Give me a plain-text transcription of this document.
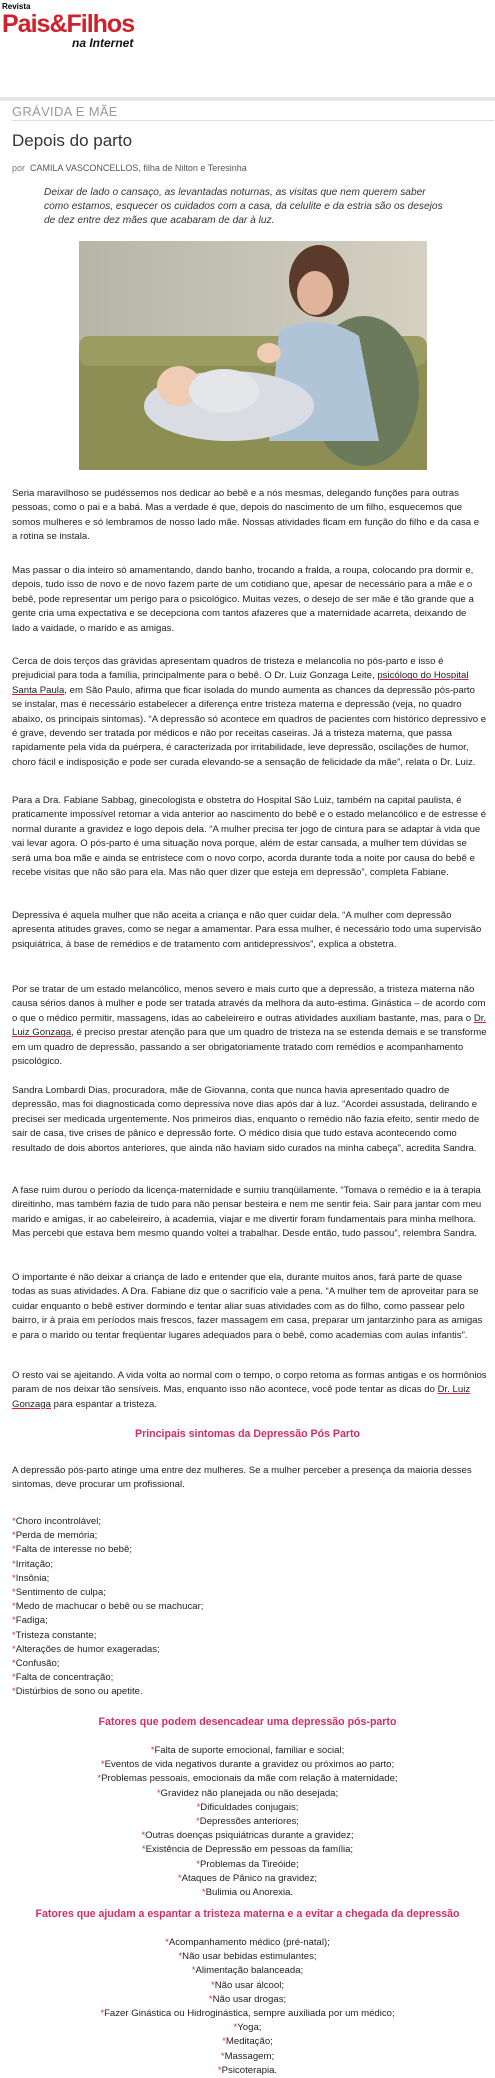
Revista
Pais&Filhos
na Internet
GRÁVIDA E MÃE
Depois do parto
por CAMILA VASCONCELLOS, filha de Nilton e Teresinha
Deixar de lado o cansaço, as levantadas noturnas, as visitas que nem querem saber como estamos, esquecer os cuidados com a casa, da celulite e da estria são os desejos de dez entre dez mães que acabaram de dar à luz.
Seria maravilhoso se pudéssemos nos dedicar ao bebê e a nós mesmas, delegando funções para outras pessoas, como o pai e a babá. Mas a verdade é que, depois do nascimento de um filho, esquecemos que somos mulheres e só lembramos de nosso lado mãe. Nossas atividades ficam em função do filho e da casa e a rotina se instala.
Mas passar o dia inteiro só amamentando, dando banho, trocando a fralda, a roupa, colocando pra dormir e, depois, tudo isso de novo e de novo fazem parte de um cotidiano que, apesar de necessário para a mãe e o bebê, pode representar um perigo para o psicológico. Muitas vezes, o desejo de ser mãe é tão grande que a gente cria uma expectativa e se decepciona com tantos afazeres que a maternidade acarreta, deixando de lado a vaidade, o marido e as amigas.
Cerca de dois terços das grávidas apresentam quadros de tristeza e melancolia no pós-parto e isso é prejudicial para toda a família, principalmente para o bebê. O Dr. Luiz Gonzaga Leite, psicólogo do Hospital Santa Paula, em São Paulo, afirma que ficar isolada do mundo aumenta as chances da depressão pós-parto se instalar, mas é necessário estabelecer a diferença entre tristeza materna e depressão (veja, no quadro abaixo, os principais sintomas). “A depressão só acontece em quadros de pacientes com histórico depressivo e é grave, devendo ser tratada por médicos e não por receitas caseiras. Já a tristeza materna, que passa rapidamente pela vida da puérpera, é caracterizada por irritabilidade, leve depressão, oscilações de humor, choro fácil e indisposição e pode ser curada elevando-se a sensação de felicidade da mãe”, relata o Dr. Luiz.
Para a Dra. Fabiane Sabbag, ginecologista e obstetra do Hospital São Luiz, também na capital paulista, é praticamente impossível retomar a vida anterior ao nascimento do bebê e o estado melancólico e de estresse é normal durante a gravidez e logo depois dela. “A mulher precisa ter jogo de cintura para se adaptar à vida que vai levar agora. O pós-parto é uma situação nova porque, além de estar cansada, a mulher tem dúvidas se será uma boa mãe e ainda se entristece com o novo corpo, acorda durante toda a noite por causa do bebê e recebe visitas que não são para ela. Mas não quer dizer que esteja em depressão”, completa Fabiane.
Depressiva é aquela mulher que não aceita a criança e não quer cuidar dela. “A mulher com depressão apresenta atitudes graves, como se negar a amamentar. Para essa mulher, é necessário todo uma supervisão psiquiátrica, à base de remédios e de tratamento com antidepressivos”, explica a obstetra.
Por se tratar de um estado melancólico, menos severo e mais curto que a depressão, a tristeza materna não causa sérios danos à mulher e pode ser tratada através da melhora da auto-estima. Ginástica – de acordo com o que o médico permitir, massagens, idas ao cabeleireiro e outras atividades auxiliam bastante, mas, para o Dr. Luiz Gonzaga, é preciso prestar atenção para que um quadro de tristeza na se estenda demais e se transforme em um quadro de depressão, passando a ser obrigatoriamente tratado com remédios e acompanhamento psicológico.
Sandra Lombardi Dias, procuradora, mãe de Giovanna, conta que nunca havia apresentado quadro de depressão, mas foi diagnosticada como depressiva nove dias após dar à luz. “Acordei assustada, delirando e precisei ser medicada urgentemente. Nos primeiros dias, enquanto o remédio não fazia efeito, sentir medo de sair de casa, tive crises de pânico e depressão forte. O médico disia que tudo estava acontecendo como resultado de dois abortos anteriores, que ainda não haviam sido curados na minha cabeça”, acredita Sandra.
A fase ruim durou o período da licença-maternidade e sumiu tranqüilamente. “Tomava o remédio e ia à terapia direitinho, mas também fazia de tudo para não pensar besteira e nem me sentir feia. Sair para jantar com meu marido e amigas, ir ao cabeleireiro, à academia, viajar e me divertir foram fundamentais para minha melhora. Mas percebi que estava bem mesmo quando voltei a trabalhar. Desde então, tudo passou”, relembra Sandra.
O importante é não deixar a criança de lado e entender que ela, durante muitos anos, fará parte de quase todas as suas atividades. A Dra. Fabiane diz que o sacrifício vale a pena. “A mulher tem de aproveitar para se cuidar enquanto o bebê estiver dormindo e tentar aliar suas atividades com as do filho, como passear pelo bairro, ir à praia em períodos mais frescos, fazer massagem em casa, preparar um jantarzinho para as amigas e para o marido ou tentar freqüentar lugares adequados para o bebê, como academias com aulas infantis”.
O resto vai se ajeitando. A vida volta ao normal com o tempo, o corpo retoma as formas antigas e os hormônios param de nos deixar tão sensíveis. Mas, enquanto isso não acontece, você pode tentar as dicas do Dr. Luiz Gonzaga para espantar a tristeza.
Principais sintomas da Depressão Pós Parto
A depressão pós-parto atinge uma entre dez mulheres. Se a mulher perceber a presença da maioria desses sintomas, deve procurar um profissional.
* Choro incontrolável;
* Perda de memória;
* Falta de interesse no bebê;
* Irritação;
* Insônia;
* Sentimento de culpa;
* Medo de machucar o bebê ou se machucar;
* Fadiga;
* Tristeza constante;
* Alterações de humor exageradas;
* Confusão;
* Falta de concentração;
* Distúrbios de sono ou apetite.
Fatores que podem desencadear uma depressão pós-parto
* Falta de suporte emocional, familiar e social;
* Eventos de vida negativos durante a gravidez ou próximos ao parto;
* Problemas pessoais, emocionais da mãe com relação à maternidade;
* Gravidez não planejada ou não desejada;
* Dificuldades conjugais;
* Depressões anteriores;
* Outras doenças psiquiátricas durante a gravidez;
* Existência de Depressão em pessoas da família;
* Problemas da Tireóide;
* Ataques de Pânico na gravidez;
* Bulimia ou Anorexia.
Fatores que ajudam a espantar a tristeza materna e a evitar a chegada da depressão
* Acompanhamento médico (pré-natal);
* Não usar bebidas estimulantes;
* Alimentação balanceada;
* Não usar álcool;
* Não usar drogas;
* Fazer Ginástica ou Hidroginástica, sempre auxiliada por um médico;
* Yoga;
* Meditação;
* Massagem;
* Psicoterapia.
